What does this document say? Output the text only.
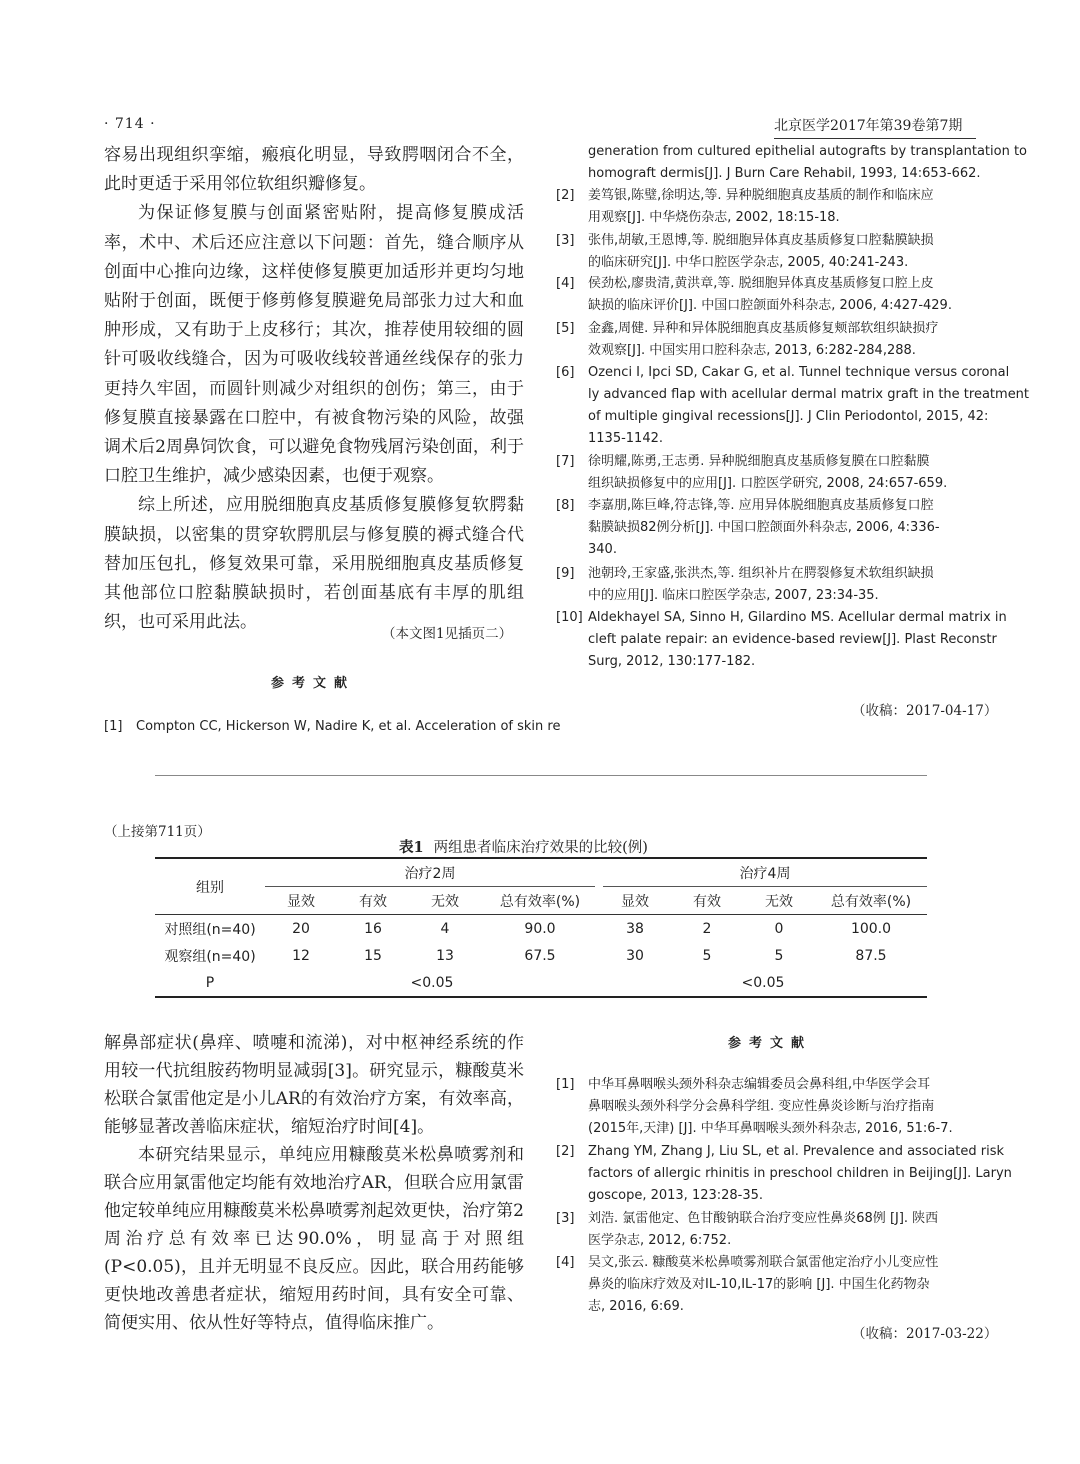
· 714 ·	北京医学2017年第39卷第7期

容易出现组织挛缩，瘢痕化明显，导致腭咽闭合不全，此时更适于采用邻位软组织瓣修复。

为保证修复膜与创面紧密贴附，提高修复膜成活率，术中、术后还应注意以下问题：首先，缝合顺序从创面中心推向边缘，这样使修复膜更加适形并更均匀地贴附于创面，既便于修剪修复膜避免局部张力过大和血肿形成，又有助于上皮移行；其次，推荐使用较细的圆针可吸收线缝合，因为可吸收线较普通丝线保存的张力更持久牢固，而圆针则减少对组织的创伤；第三，由于修复膜直接暴露在口腔中，有被食物污染的风险，故强调术后2周鼻饲饮食，可以避免食物残屑污染创面，利于口腔卫生维护，减少感染因素，也便于观察。

综上所述，应用脱细胞真皮基质修复膜修复软腭黏膜缺损，以密集的贯穿软腭肌层与修复膜的褥式缝合代替加压包扎，修复效果可靠，采用脱细胞真皮基质修复其他部位口腔黏膜缺损时，若创面基底有丰厚的肌组织，也可采用此法。

（本文图1见插页二）
参考文献
[1] Compton CC, Hickerson W, Nadire K, et al. Acceleration of skin re
generation from cultured epithelial autografts by transplantation to
homograft dermis[J]. J Burn Care Rehabil, 1993, 14:653-662.
[2] 姜笃银,陈璧,徐明达,等. 异种脱细胞真皮基质的制作和临床应
用观察[J]. 中华烧伤杂志, 2002, 18:15-18.
[3] 张伟,胡敏,王恩博,等. 脱细胞异体真皮基质修复口腔黏膜缺损
的临床研究[J]. 中华口腔医学杂志, 2005, 40:241-243.
[4] 侯劲松,廖贵清,黄洪章,等. 脱细胞异体真皮基质修复口腔上皮
缺损的临床评价[J]. 中国口腔颌面外科杂志, 2006, 4:427-429.
[5] 金鑫,周健. 异种和异体脱细胞真皮基质修复颊部软组织缺损疗
效观察[J]. 中国实用口腔科杂志, 2013, 6:282-284,288.
[6] Ozenci I, Ipci SD, Cakar G, et al. Tunnel technique versus coronal
ly advanced flap with acellular dermal matrix graft in the treatment
of multiple gingival recessions[J]. J Clin Periodontol, 2015, 42:
1135-1142.
[7] 徐明耀,陈勇,王志勇. 异种脱细胞真皮基质修复膜在口腔黏膜
组织缺损修复中的应用[J]. 口腔医学研究, 2008, 24:657-659.
[8] 李嘉朋,陈巨峰,符志锋,等. 应用异体脱细胞真皮基质修复口腔
黏膜缺损82例分析[J]. 中国口腔颌面外科杂志, 2006, 4:336-
340.
[9] 池朝玲,王家盛,张洪杰,等. 组织补片在腭裂修复术软组织缺损
中的应用[J]. 临床口腔医学杂志, 2007, 23:34-35.
[10] Aldekhayel SA, Sinno H, Gilardino MS. Acellular dermal matrix in
cleft palate repair: an evidence-based review[J]. Plast Reconstr
Surg, 2012, 130:177-182.
（收稿：2017-04-17）
（上接第711页）
表1 两组患者临床治疗效果的比较(例)
组别	治疗2周				治疗4周			
	显效	有效	无效	总有效率(%)	显效	有效	无效	总有效率(%)
对照组(n=40)	20	16	4	90.0	38	2	0	100.0
观察组(n=40)	12	15	13	67.5	30	5	5	87.5
P	<0.05				<0.05			

解鼻部症状(鼻痒、喷嚏和流涕)，对中枢神经系统的作用较一代抗组胺药物明显减弱[3]。研究显示，糠酸莫米松联合氯雷他定是小儿AR的有效治疗方案，有效率高，能够显著改善临床症状，缩短治疗时间[4]。

本研究结果显示，单纯应用糠酸莫米松鼻喷雾剂和联合应用氯雷他定均能有效地治疗AR，但联合应用氯雷他定较单纯应用糠酸莫米松鼻喷雾剂起效更快，治疗第2周治疗总有效率已达90.0%，明显高于对照组(P<0.05)，且并无明显不良反应。因此，联合用药能够更快地改善患者症状，缩短用药时间，具有安全可靠、简便实用、依从性好等特点，值得临床推广。

参考文献
[1] 中华耳鼻咽喉头颈外科杂志编辑委员会鼻科组,中华医学会耳
鼻咽喉头颈外科学分会鼻科学组. 变应性鼻炎诊断与治疗指南
(2015年,天津) [J]. 中华耳鼻咽喉头颈外科杂志, 2016, 51:6-7.
[2] Zhang YM, Zhang J, Liu SL, et al. Prevalence and associated risk
factors of allergic rhinitis in preschool children in Beijing[J]. Laryn
goscope, 2013, 123:28-35.
[3] 刘浩. 氯雷他定、色甘酸钠联合治疗变应性鼻炎68例 [J]. 陕西
医学杂志, 2012, 6:752.
[4] 吴文,张云. 糠酸莫米松鼻喷雾剂联合氯雷他定治疗小儿变应性
鼻炎的临床疗效及对IL-10,IL-17的影响 [J]. 中国生化药物杂
志, 2016, 6:69.
（收稿：2017-03-22）
